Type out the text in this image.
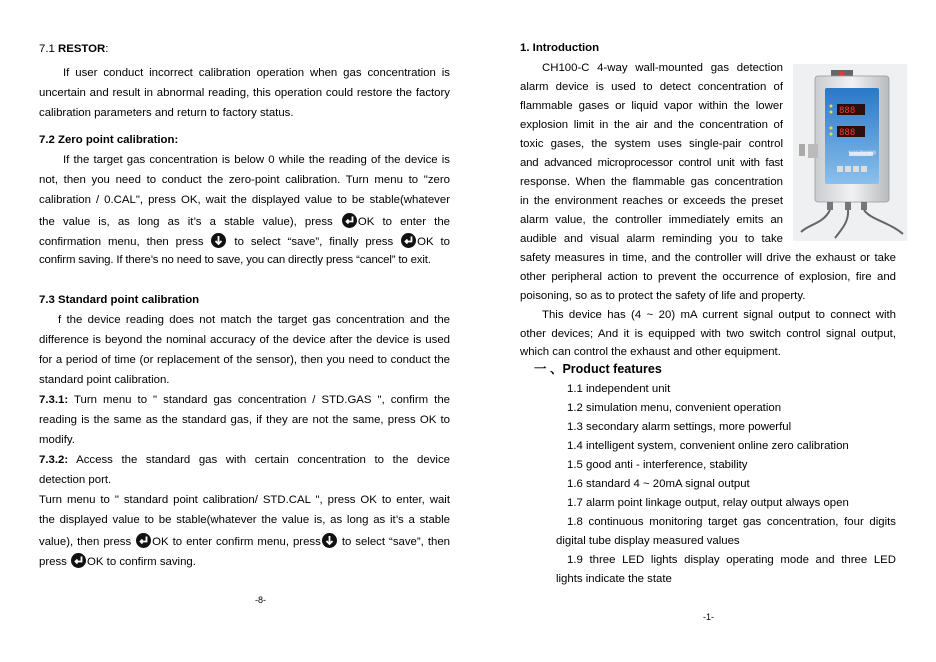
7.1 RESTOR:
If user conduct incorrect calibration operation when gas concentration is
uncertain and result in abnormal reading, this operation could restore the factory
calibration parameters and return to factory status.
7.2 Zero point calibration:
If the target gas concentration is below 0 while the reading of the device is
not, then you need to conduct the zero-point calibration. Turn menu to "zero
calibration / 0.CAL", press OK, wait the displayed value to be stable(whatever
the value is, as long as it’s a stable value), press OK to enter the
confirmation menu, then press	to select “save”, finally press OK to
confirm saving. If there’s no need to save, you can directly press “cancel” to exit.
7.3 Standard point calibration
f the device reading does not match the target gas concentration and the
difference is beyond the nominal accuracy of the device after the device is used
for a period of time (or replacement of the sensor), then you need to conduct the
standard point calibration.
7.3.1: Turn menu to " standard gas concentration / STD.GAS ", confirm the
reading is the same as the standard gas, if they are not the same, press OK to
modify.
7.3.2: Access the standard gas with certain concentration to the device
detection port.
Turn menu to " standard point calibration/ STD.CAL ", press OK to enter, wait
the displayed value to be stable(whatever the value is, as long as it’s a stable
value), then press OK to enter confirm menu, press to select “save”, then
press OK to confirm saving.
-8-
1. Introduction
CH100-C 4-way wall-mounted gas detection
alarm device is used to detect concentration of
flammable gases or liquid vapor within the lower
explosion limit in the air and the concentration of
toxic gases, the system uses single-pair control
and advanced microprocessor control unit with fast
response. When the flammable gas concentration
in the environment reaches or exceeds the preset
alarm value, the controller immediately emits an
audible and visual alarm reminding you to take
safety measures in time, and the controller will drive the exhaust or take
other peripheral action to prevent the occurrence of explosion, fire and
poisoning, so as to protect the safety of life and property.
This device has (4 ~ 20) mA current signal output to connect with
other devices; And it is equipped with two switch control signal output,
which can control the exhaust and other equipment.
一 、Product features
1.1 independent unit
1.2 simulation menu, convenient operation
1.3 secondary alarm settings, more powerful
1.4 intelligent system, convenient online zero calibration
1.5 good anti - interference, stability
1.6 standard 4 ~ 20mA signal output
1.7 alarm point linkage output, relay output always open
1.8 continuous monitoring target gas concentration, four digits
digital tube display measured values
1.9 three LED lights display operating mode and three LED
lights indicate the state
-1-
888
888
气体报警控制器
